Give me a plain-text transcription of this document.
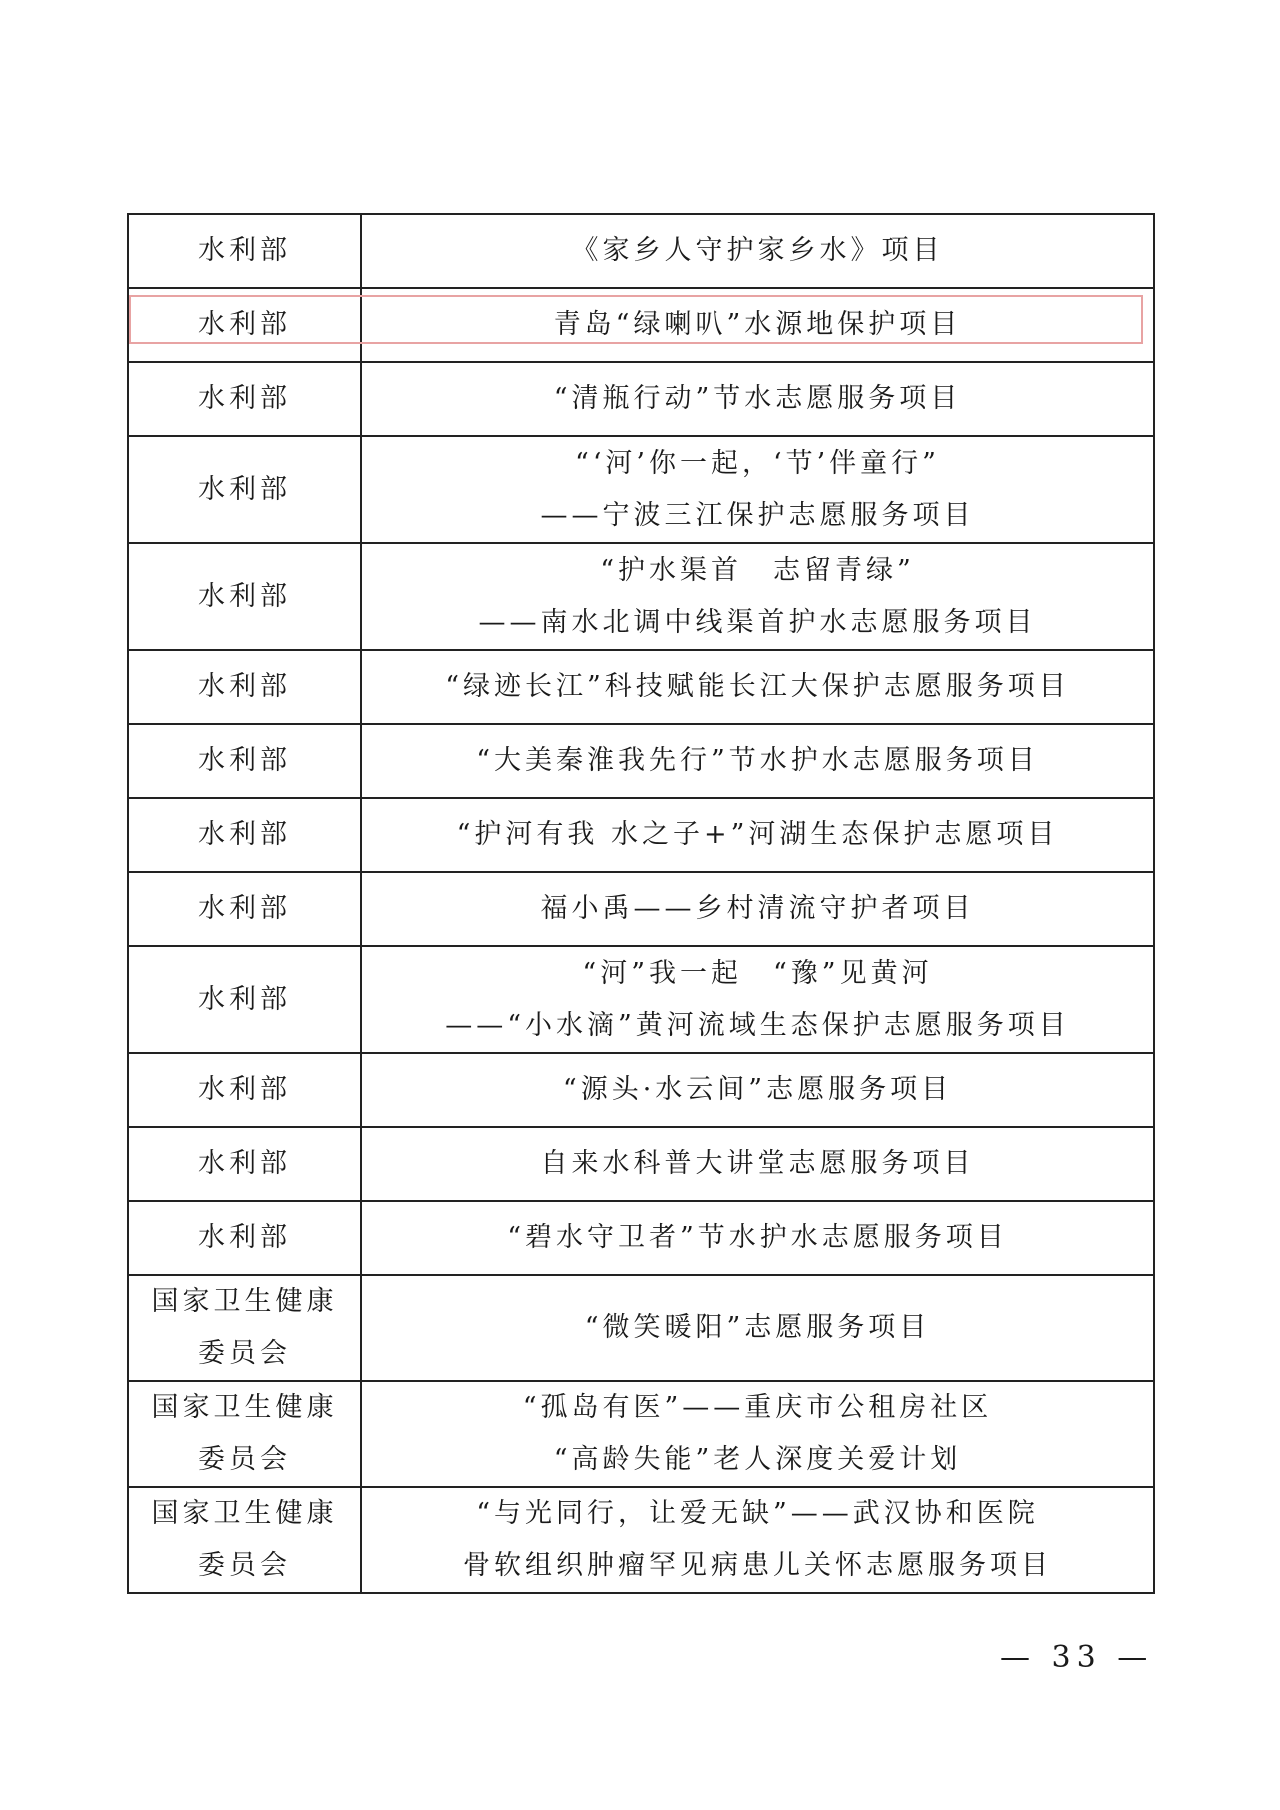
水利部	《家乡人守护家乡水》项目

水利部	青岛“绿喇叭”水源地保护项目

水利部	“清瓶行动”节水志愿服务项目

水利部	“‘河’你一起，‘节’伴童行”
——宁波三江保护志愿服务项目

水利部	“护水渠首　志留青绿”
——南水北调中线渠首护水志愿服务项目

水利部	“绿迹长江”科技赋能长江大保护志愿服务项目

水利部	“大美秦淮我先行”节水护水志愿服务项目

水利部	“护河有我 水之子+”河湖生态保护志愿项目

水利部	福小禹——乡村清流守护者项目

水利部	“河”我一起　“豫”见黄河
——“小水滴”黄河流域生态保护志愿服务项目

水利部	“源头·水云间”志愿服务项目

水利部	自来水科普大讲堂志愿服务项目

水利部	“碧水守卫者”节水护水志愿服务项目

国家卫生健康
委员会	“微笑暖阳”志愿服务项目

国家卫生健康
委员会	“孤岛有医”——重庆市公租房社区
“高龄失能”老人深度关爱计划

国家卫生健康
委员会	“与光同行，让爱无缺”——武汉协和医院
骨软组织肿瘤罕见病患儿关怀志愿服务项目
— 33 —
